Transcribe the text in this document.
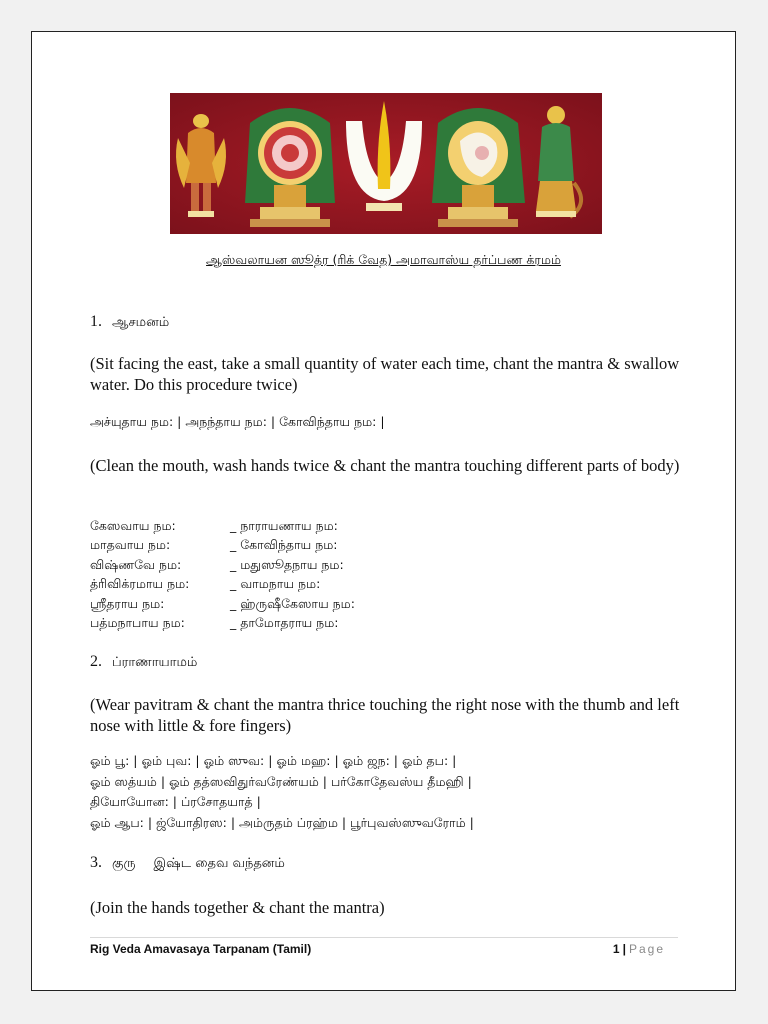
ஆஸ்வலாயன ஸூத்ர (ரிக் வேத) அமாவாஸ்ய தர்ப்பண க்ரமம்
1. ஆசமனம்
(Sit facing the east, take a small quantity of water each time, chant the mantra & swallow water. Do this procedure twice)
அச்யுதாய நம: | அநந்தாய நம: | கோவிந்தாய நம: |
(Clean the mouth, wash hands twice & chant the mantra touching different parts of body)
கேஸவாய நம:	_ நாராயணாய நம:
மாதவாய நம:	_ கோவிந்தாய நம:
விஷ்ணவே நம:	_ மதுஸூதநாய நம:
த்ரிவிக்ரமாய நம:	_ வாமநாய நம:
ஸ்ரீதராய நம:	_ ஹ்ருஷீகேஸாய நம:
பத்மநாபாய நம:	_ தாமோதராய நம:
2. ப்ராணாயாமம்
(Wear pavitram & chant the mantra thrice touching the right nose with the thumb and left nose with little & fore fingers)
ஓம் பூ: | ஓம் புவ: | ஓம் ஸுவ: | ஓம் மஹ: | ஓம் ஜந: | ஓம் தப: |
ஓம் ஸத்யம் | ஓம் தத்ஸவிதுர்வரேண்யம் | பர்கோதேவஸ்ய தீமஹி |
தியோயோன: | ப்ரசோதயாத் |
ஓம் ஆப: | ஜ்யோதிரஸ: | அம்ருதம் ப்ரஹ்ம | பூர்புவஸ்ஸுவரோம் |
3. குரு இஷ்ட தைவ வந்தனம்
(Join the hands together & chant the mantra)
Rig Veda Amavasaya Tarpanam (Tamil)	1 | Page
